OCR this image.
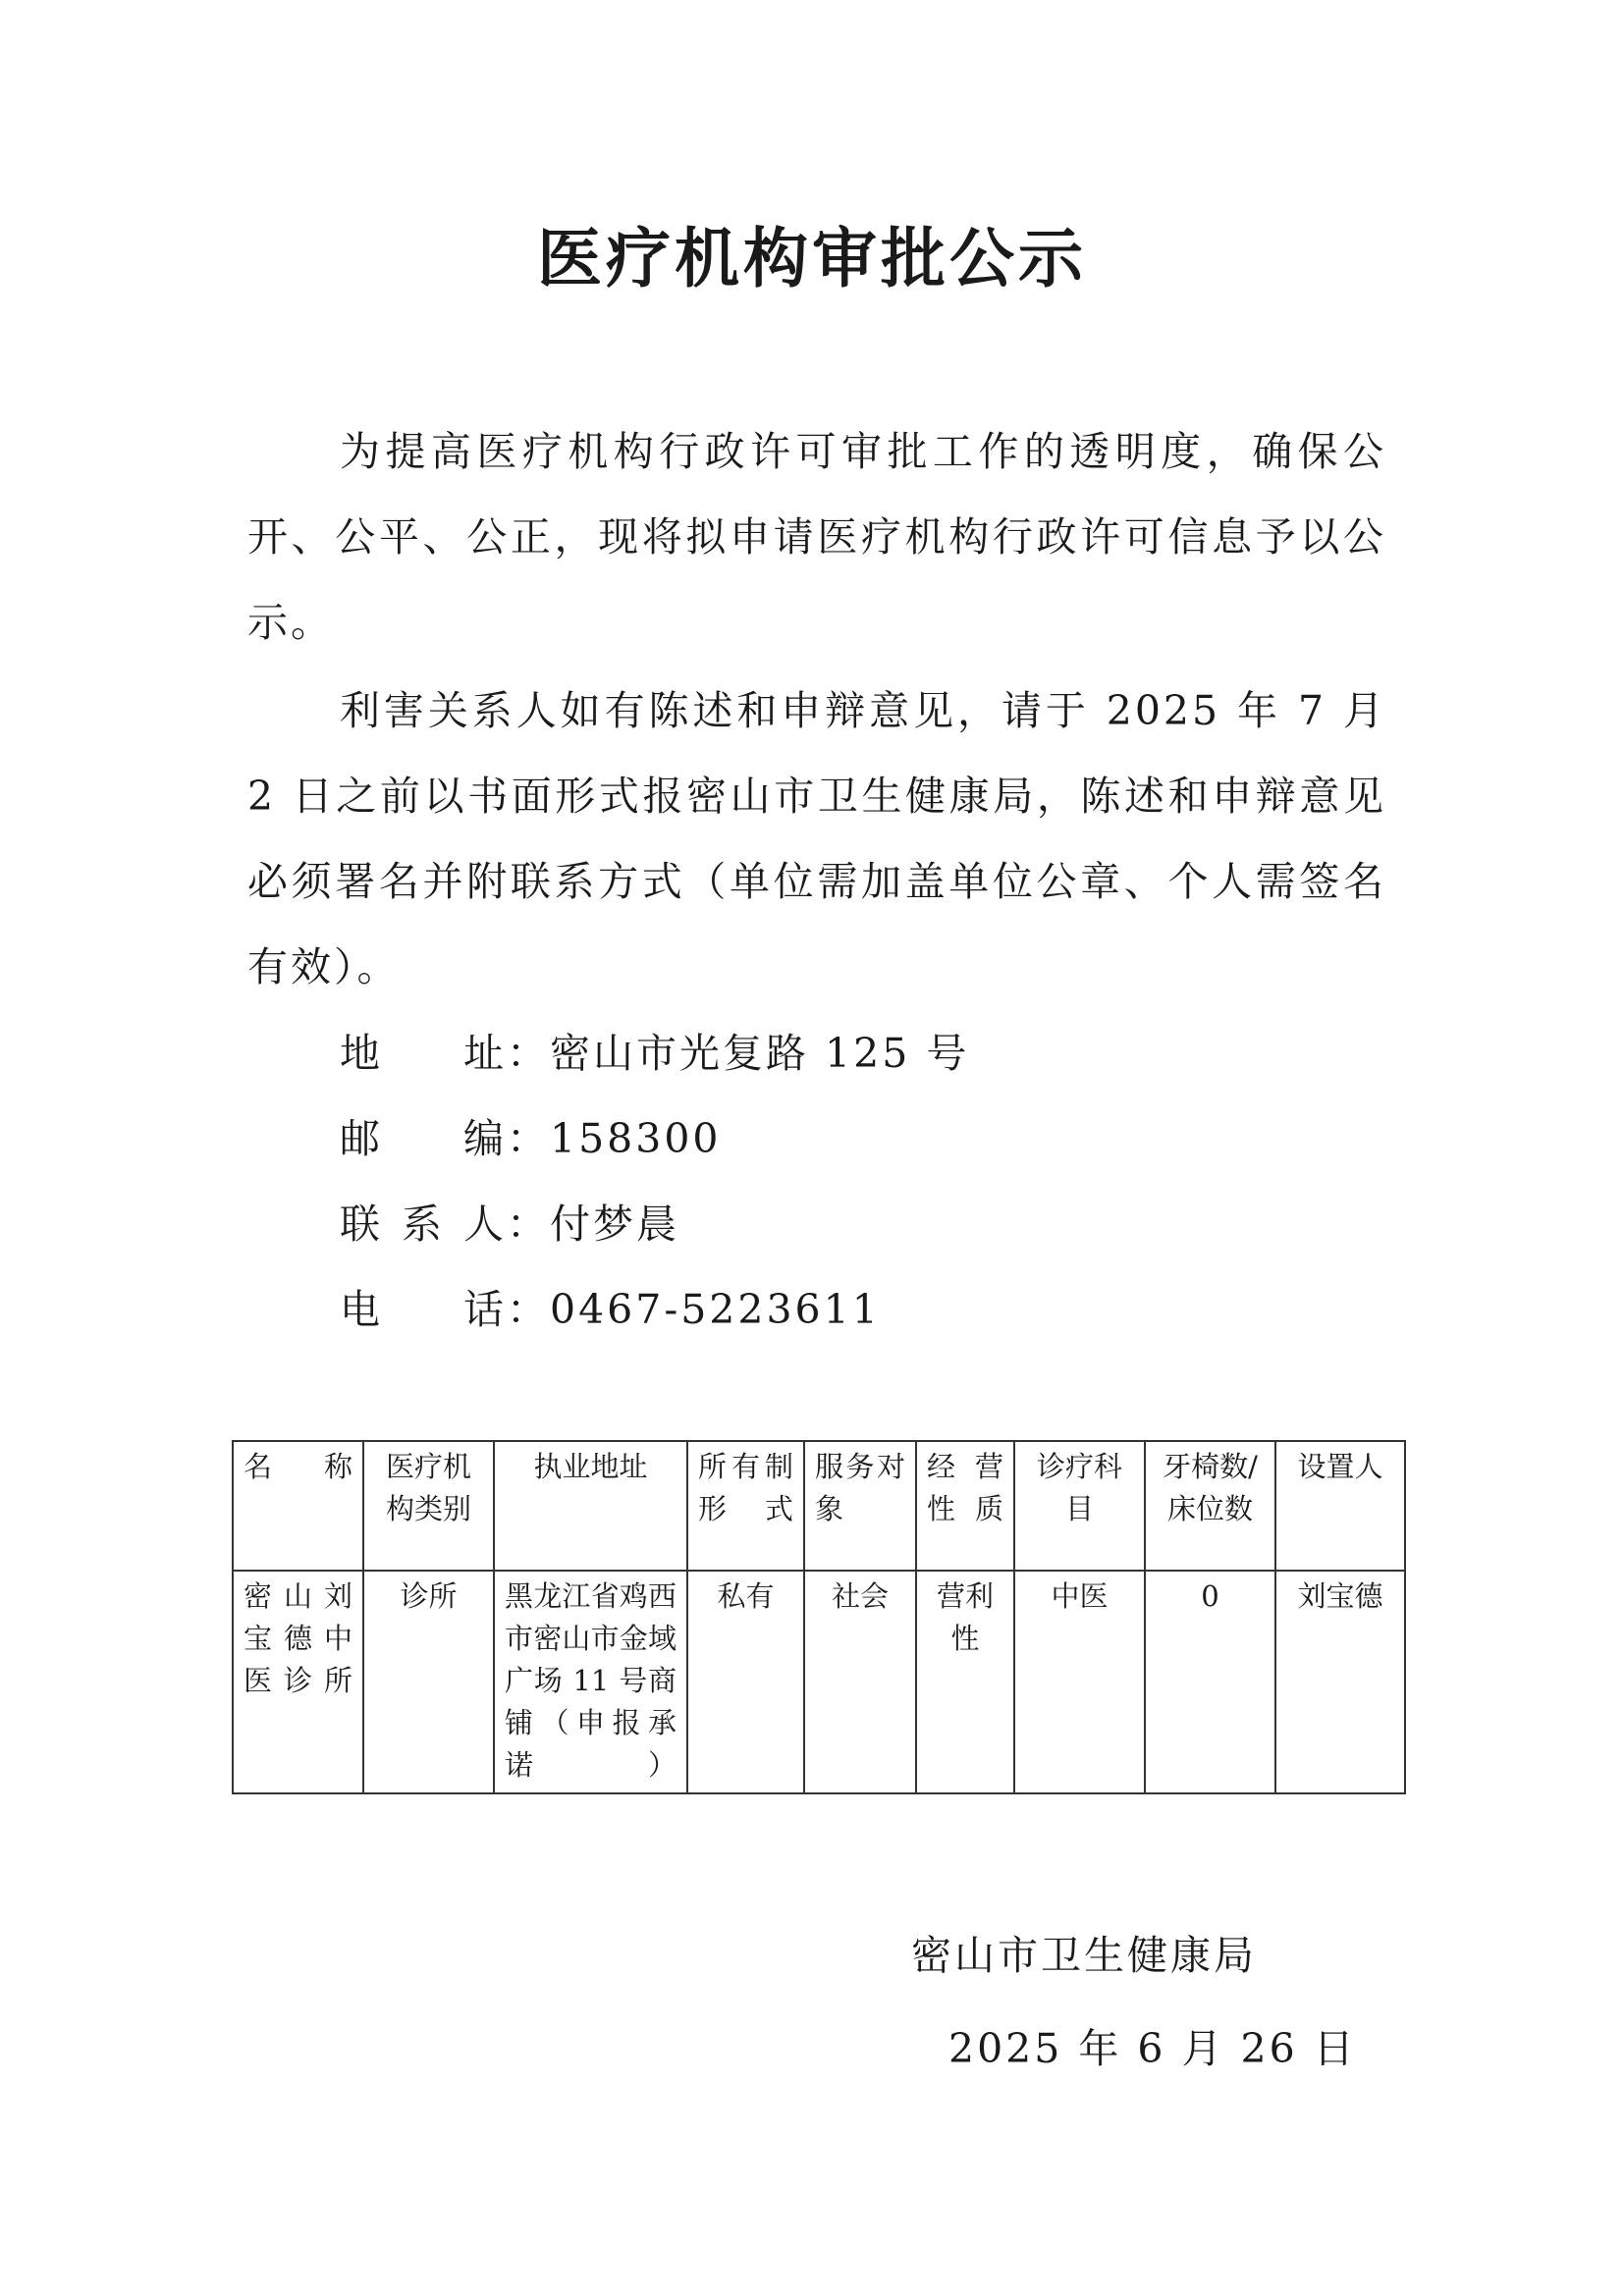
医疗机构审批公示

为提高医疗机构行政许可审批工作的透明度，确保公开、公平、公正，现将拟申请医疗机构行政许可信息予以公示。

利害关系人如有陈述和申辩意见，请于 2025 年 7 月 2 日之前以书面形式报密山市卫生健康局，陈述和申辩意见必须署名并附联系方式（单位需加盖单位公章、个人需签名有效）。

地址：密山市光复路 125 号

邮编：158300

联系人：付梦晨

电话：0467-5223611

名　称	医疗机构类别	执业地址	所有制形式	服务对象	经营性质	诊疗科目	牙椅数/床位数	设置人
密山刘宝德中医诊所	诊所	黑龙江省鸡西市密山市金域广场 11 号商铺（申报承诺）	私有	社会	营利性	中医	0	刘宝德

密山市卫生健康局

2025 年 6 月 26 日
